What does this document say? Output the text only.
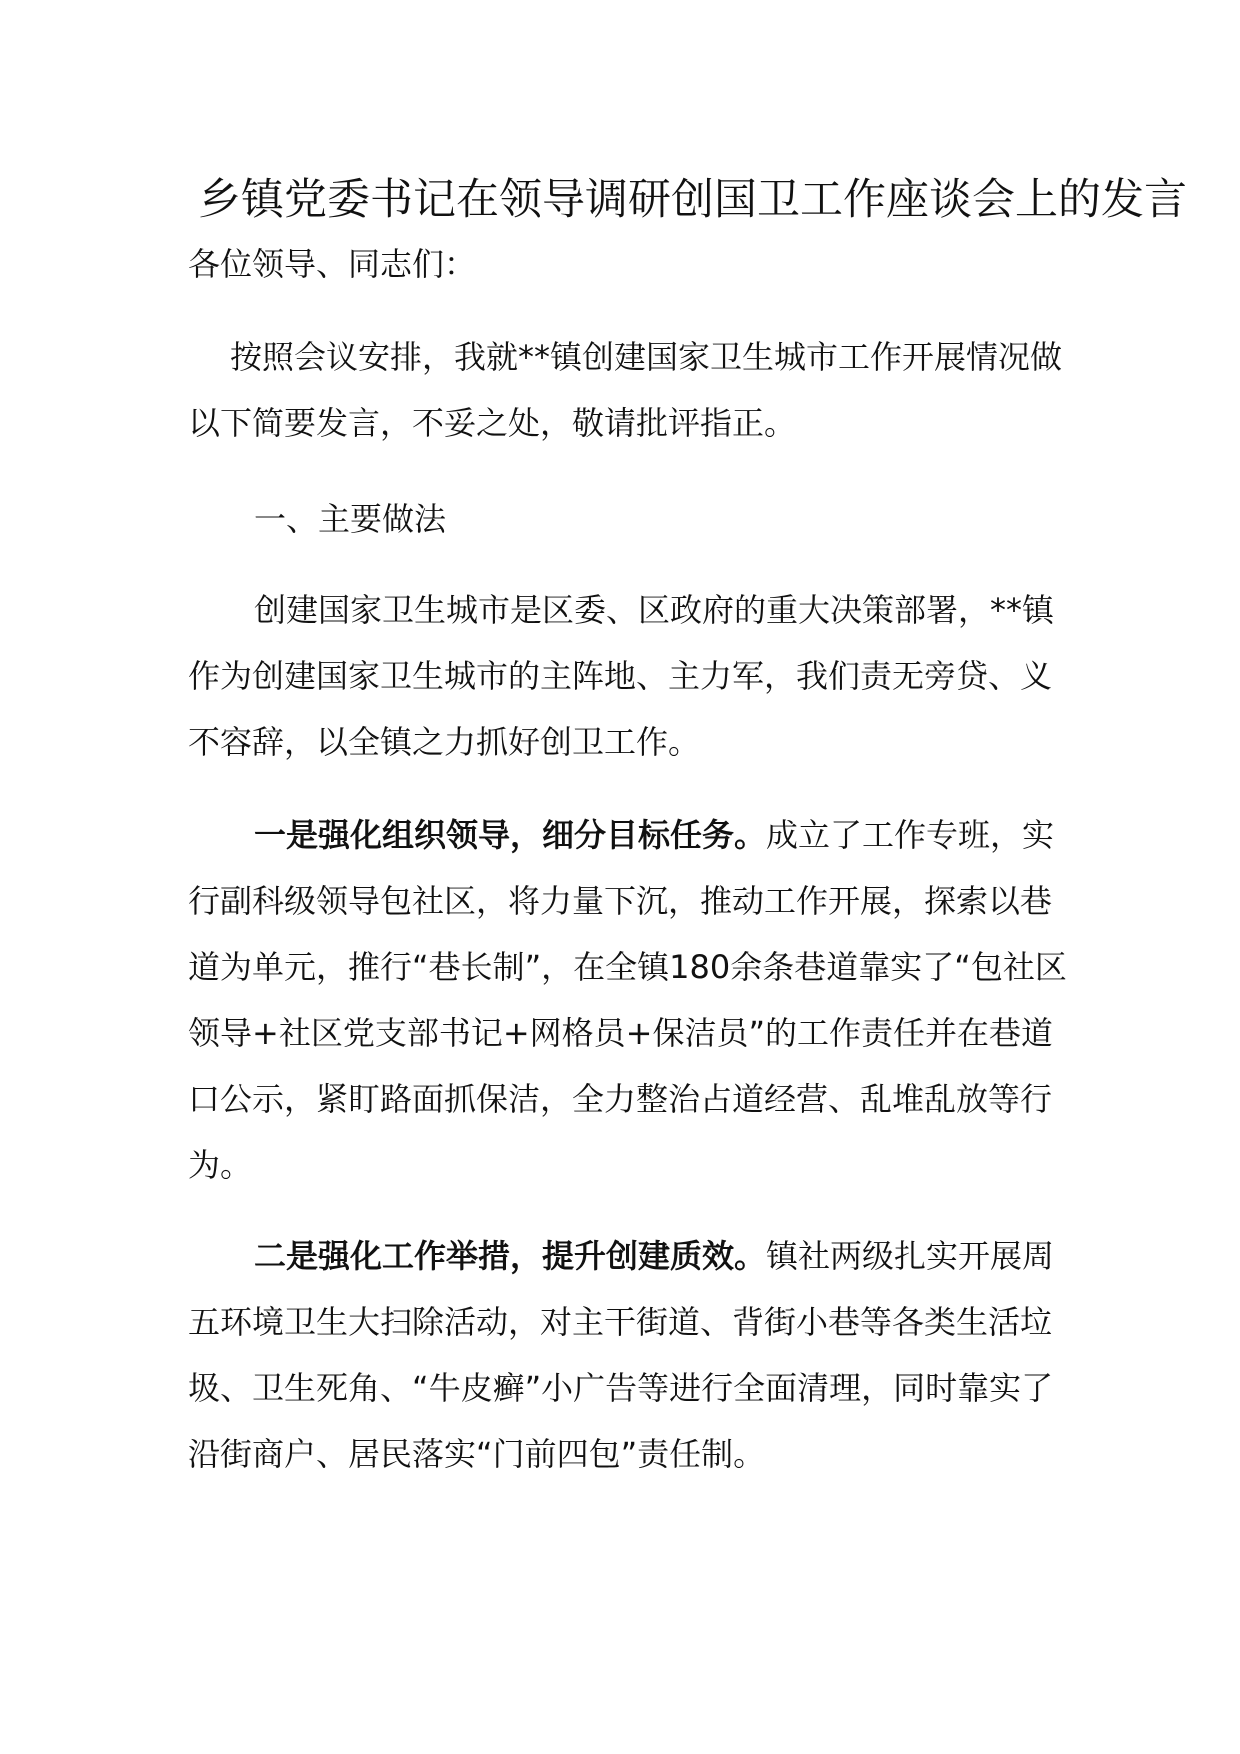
乡镇党委书记在领导调研创国卫工作座谈会上的发言

各位领导、同志们：

按照会议安排，我就**镇创建国家卫生城市工作开展情况做以下简要发言，不妥之处，敬请批评指正。

一、主要做法

创建国家卫生城市是区委、区政府的重大决策部署，**镇作为创建国家卫生城市的主阵地、主力军，我们责无旁贷、义不容辞，以全镇之力抓好创卫工作。

一是强化组织领导，细分目标任务。成立了工作专班，实行副科级领导包社区，将力量下沉，推动工作开展，探索以巷道为单元，推行“巷长制”，在全镇180余条巷道靠实了“包社区领导+社区党支部书记+网格员+保洁员”的工作责任并在巷道口公示，紧盯路面抓保洁，全力整治占道经营、乱堆乱放等行为。

二是强化工作举措，提升创建质效。镇社两级扎实开展周五环境卫生大扫除活动，对主干街道、背街小巷等各类生活垃圾、卫生死角、“牛皮癣”小广告等进行全面清理，同时靠实了沿街商户、居民落实“门前四包”责任制。
